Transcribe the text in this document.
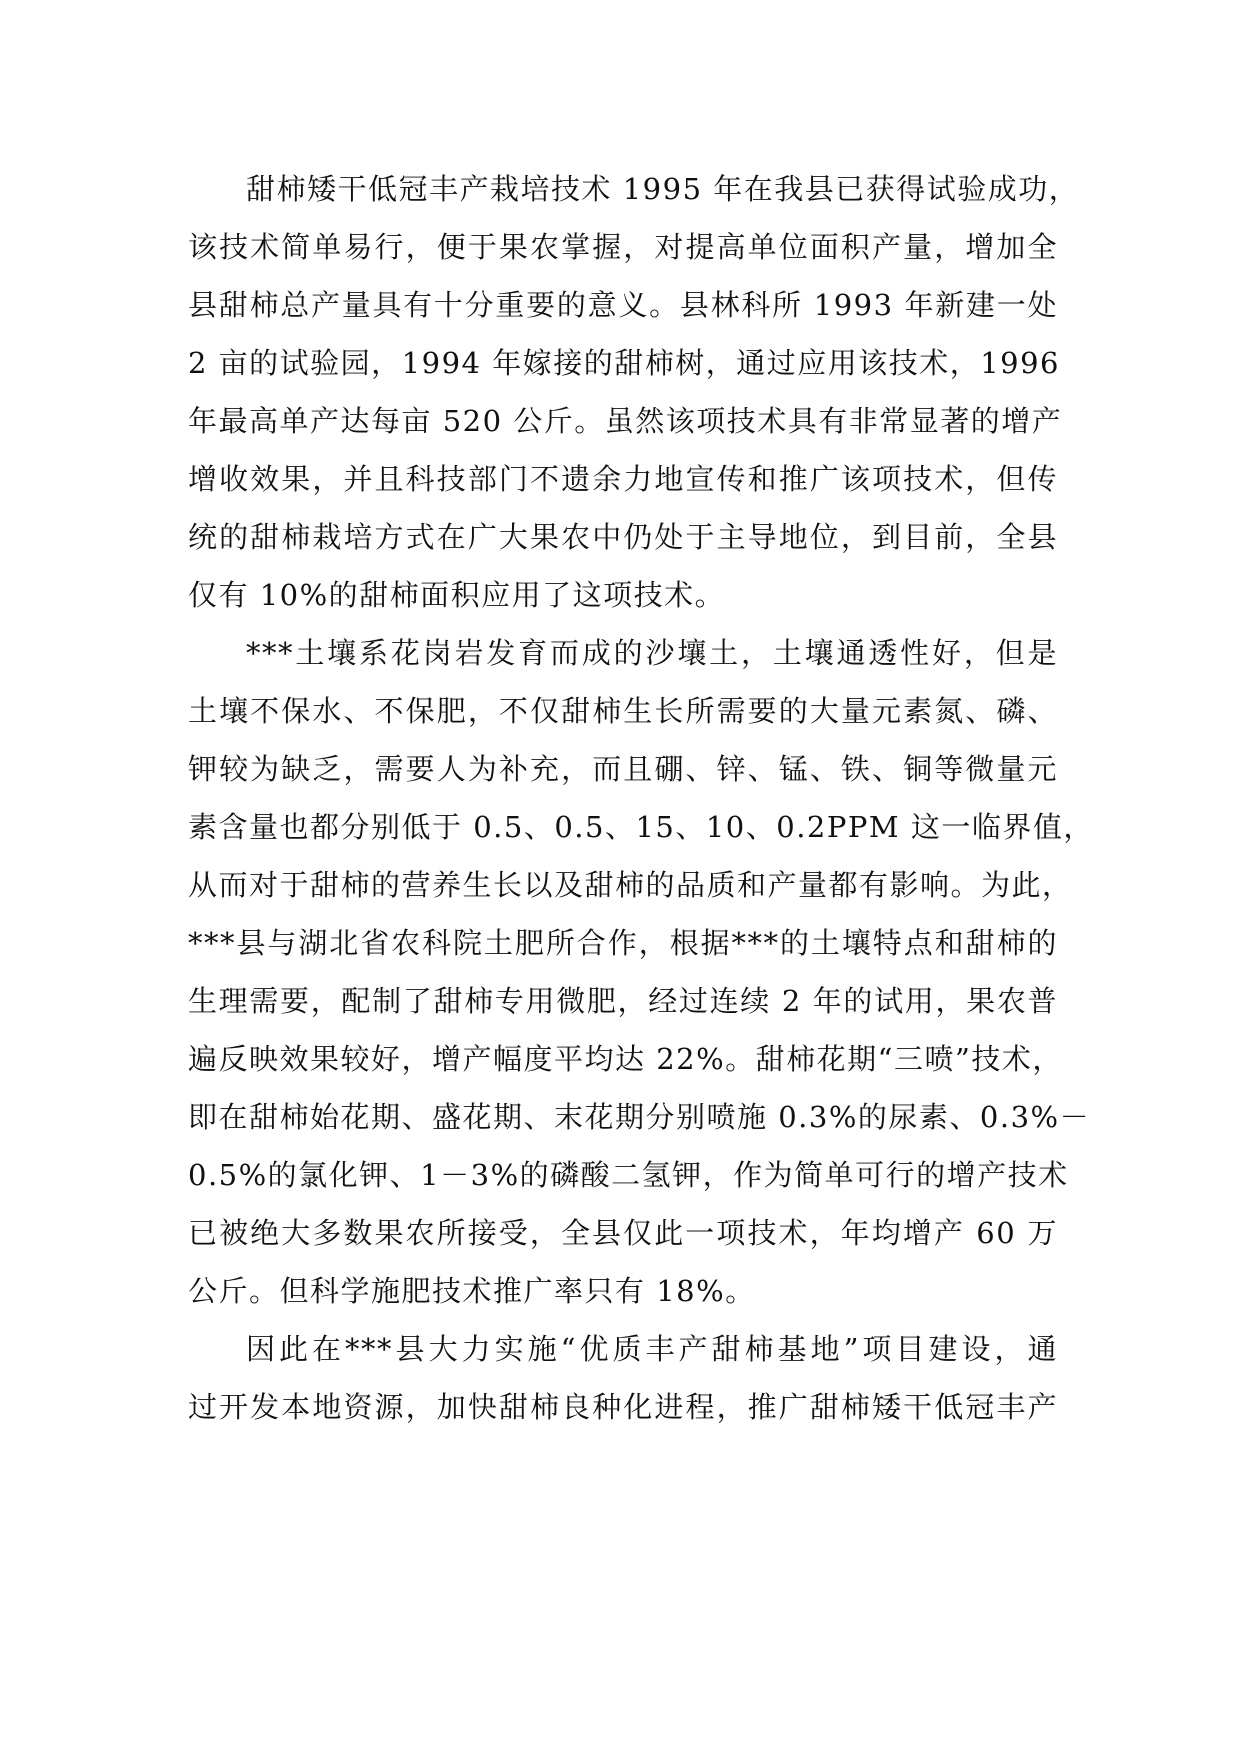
甜柿矮干低冠丰产栽培技术 1995 年在我县已获得试验成功，
该技术简单易行，便于果农掌握，对提高单位面积产量，增加全
县甜柿总产量具有十分重要的意义。县林科所 1993 年新建一处
2 亩的试验园，1994 年嫁接的甜柿树，通过应用该技术，1996
年最高单产达每亩 520 公斤。虽然该项技术具有非常显著的增产
增收效果，并且科技部门不遗余力地宣传和推广该项技术，但传
统的甜柿栽培方式在广大果农中仍处于主导地位，到目前，全县
仅有 10%的甜柿面积应用了这项技术。
***土壤系花岗岩发育而成的沙壤土，土壤通透性好，但是
土壤不保水、不保肥，不仅甜柿生长所需要的大量元素氮、磷、
钾较为缺乏，需要人为补充，而且硼、锌、锰、铁、铜等微量元
素含量也都分别低于 0.5、0.5、15、10、0.2PPM 这一临界值，
从而对于甜柿的营养生长以及甜柿的品质和产量都有影响。为此，
***县与湖北省农科院土肥所合作，根据***的土壤特点和甜柿的
生理需要，配制了甜柿专用微肥，经过连续 2 年的试用，果农普
遍反映效果较好，增产幅度平均达 22%。甜柿花期“三喷”技术，
即在甜柿始花期、盛花期、末花期分别喷施 0.3%的尿素、0.3%－
0.5%的氯化钾、1－3%的磷酸二氢钾，作为简单可行的增产技术
已被绝大多数果农所接受，全县仅此一项技术，年均增产 60 万
公斤。但科学施肥技术推广率只有 18%。
因此在***县大力实施“优质丰产甜柿基地”项目建设，通
过开发本地资源，加快甜柿良种化进程，推广甜柿矮干低冠丰产
